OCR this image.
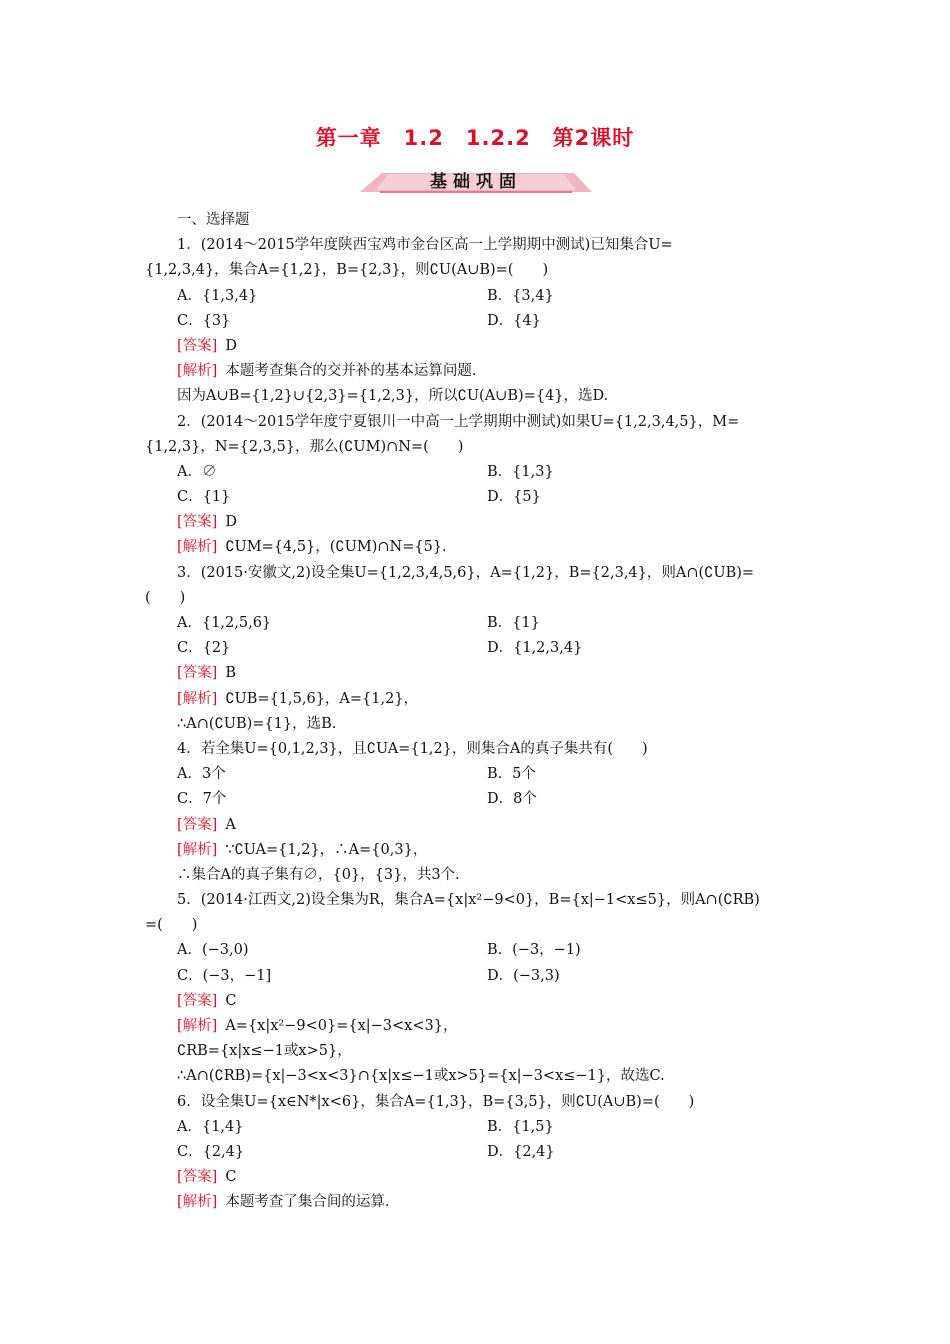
第一章　1.2　1.2.2　第2课时
基础巩固
一、选择题
1．(2014～2015学年度陕西宝鸡市金台区高一上学期期中测试)已知集合U=
{1,2,3,4}，集合A={1,2}，B={2,3}，则∁U(A∪B)=(　　)
A．{1,3,4}	B．{3,4}
C．{3}	D．{4}
[答案] D
[解析] 本题考查集合的交并补的基本运算问题.
因为A∪B={1,2}∪{2,3}={1,2,3}，所以∁U(A∪B)={4}，选D.
2．(2014～2015学年度宁夏银川一中高一上学期期中测试)如果U={1,2,3,4,5}，M=
{1,2,3}，N={2,3,5}，那么(∁UM)∩N=(　　)
A．∅	B．{1,3}
C．{1}	D．{5}
[答案] D
[解析] ∁UM={4,5}，(∁UM)∩N={5}.
3．(2015·安徽文,2)设全集U={1,2,3,4,5,6}，A={1,2}，B={2,3,4}，则A∩(∁UB)=
(　　)
A．{1,2,5,6}	B．{1}
C．{2}	D．{1,2,3,4}
[答案] B
[解析] ∁UB={1,5,6}，A={1,2}，
∴A∩(∁UB)={1}，选B.
4．若全集U={0,1,2,3}，且∁UA={1,2}，则集合A的真子集共有(　　)
A．3个	B．5个
C．7个	D．8个
[答案] A
[解析] ∵∁UA={1,2}，∴A={0,3}，
∴集合A的真子集有∅，{0}，{3}，共3个.
5．(2014·江西文,2)设全集为R，集合A={x|x²−9<0}，B={x|−1<x≤5}，则A∩(∁RB)
=(　　)
A．(−3,0)	B．(−3，−1)
C．(−3，−1]	D．(−3,3)
[答案] C
[解析] A={x|x²−9<0}={x|−3<x<3}，
∁RB={x|x≤−1或x>5}，
∴A∩(∁RB)={x|−3<x<3}∩{x|x≤−1或x>5}={x|−3<x≤−1}，故选C.
6．设全集U={x∈N*|x<6}，集合A={1,3}，B={3,5}，则∁U(A∪B)=(　　)
A．{1,4}	B．{1,5}
C．{2,4}	D．{2,4}
[答案] C
[解析] 本题考查了集合间的运算.
